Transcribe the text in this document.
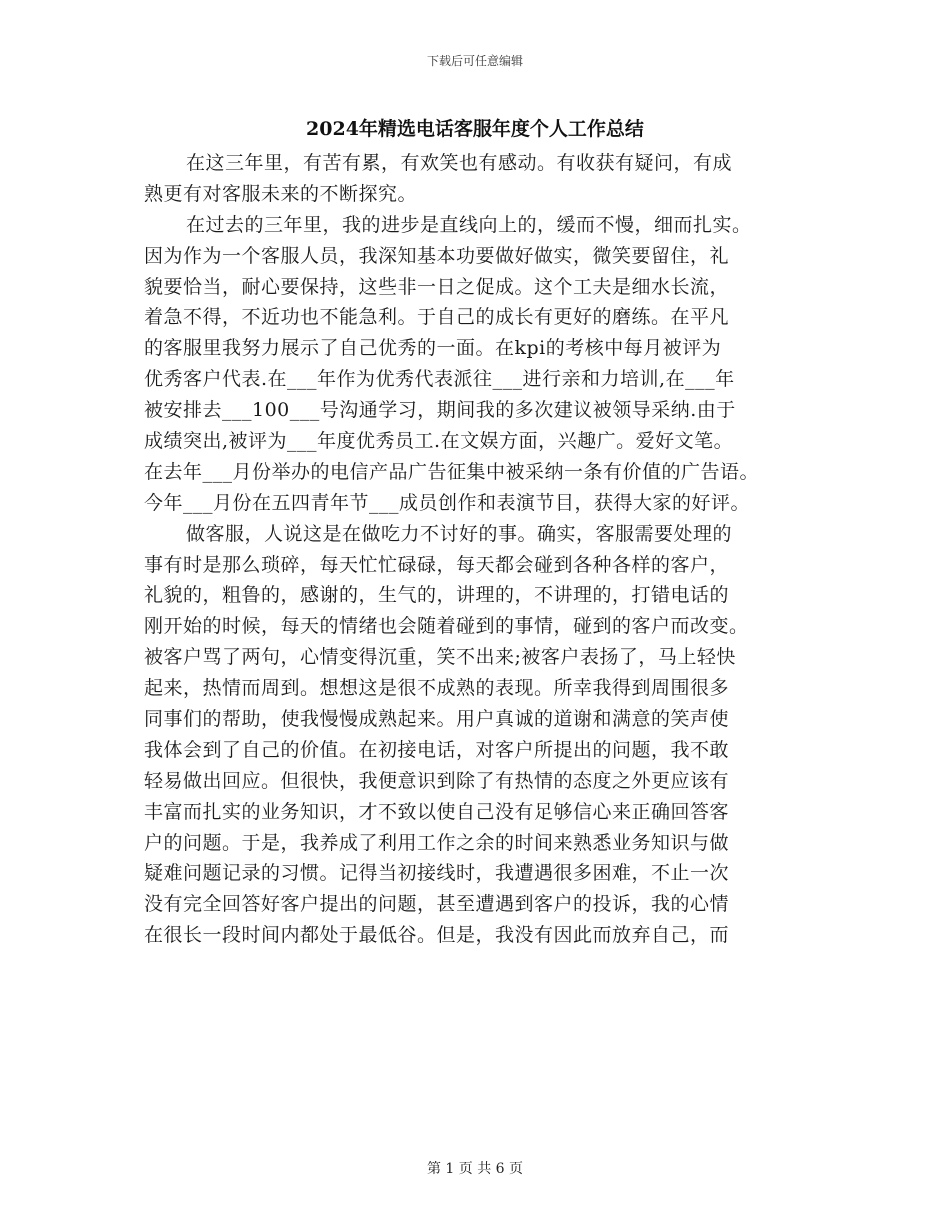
下载后可任意编辑
2024年精选电话客服年度个人工作总结
在这三年里，有苦有累，有欢笑也有感动。有收获有疑问，有成
熟更有对客服未来的不断探究。
在过去的三年里，我的进步是直线向上的，缓而不慢，细而扎实。
因为作为一个客服人员，我深知基本功要做好做实，微笑要留住，礼
貌要恰当，耐心要保持，这些非一日之促成。这个工夫是细水长流，
着急不得，不近功也不能急利。于自己的成长有更好的磨练。在平凡
的客服里我努力展示了自己优秀的一面。在kpi的考核中每月被评为
优秀客户代表.在___年作为优秀代表派往___进行亲和力培训,在___年
被安排去___100___号沟通学习，期间我的多次建议被领导采纳.由于
成绩突出,被评为___年度优秀员工.在文娱方面，兴趣广。爱好文笔。
在去年___月份举办的电信产品广告征集中被采纳一条有价值的广告语。
今年___月份在五四青年节___成员创作和表演节目，获得大家的好评。
做客服，人说这是在做吃力不讨好的事。确实，客服需要处理的
事有时是那么琐碎，每天忙忙碌碌，每天都会碰到各种各样的客户，
礼貌的，粗鲁的，感谢的，生气的，讲理的，不讲理的，打错电话的
刚开始的时候，每天的情绪也会随着碰到的事情，碰到的客户而改变。
被客户骂了两句，心情变得沉重，笑不出来;被客户表扬了，马上轻快
起来，热情而周到。想想这是很不成熟的表现。所幸我得到周围很多
同事们的帮助，使我慢慢成熟起来。用户真诚的道谢和满意的笑声使
我体会到了自己的价值。在初接电话，对客户所提出的问题，我不敢
轻易做出回应。但很快，我便意识到除了有热情的态度之外更应该有
丰富而扎实的业务知识，才不致以使自己没有足够信心来正确回答客
户的问题。于是，我养成了利用工作之余的时间来熟悉业务知识与做
疑难问题记录的习惯。记得当初接线时，我遭遇很多困难，不止一次
没有完全回答好客户提出的问题，甚至遭遇到客户的投诉，我的心情
在很长一段时间内都处于最低谷。但是，我没有因此而放弃自己，而
第 1 页 共 6 页
